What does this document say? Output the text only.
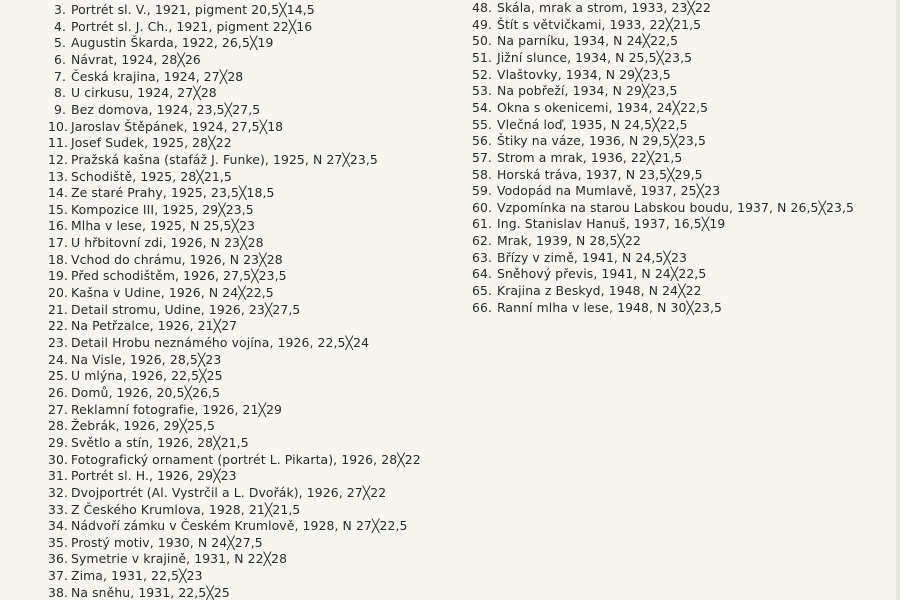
3. Portrét sl. V., 1921, pigment 20,5╳14,5
4. Portrét sl. J. Ch., 1921, pigment 22╳16
5. Augustin Škarda, 1922, 26,5╳19
6. Návrat, 1924, 28╳26
7. Česká krajina, 1924, 27╳28
8. U cirkusu, 1924, 27╳28
9. Bez domova, 1924, 23,5╳27,5
10. Jaroslav Štěpánek, 1924, 27,5╳18
11. Josef Sudek, 1925, 28╳22
12. Pražská kašna (stafáž J. Funke), 1925, N 27╳23,5
13. Schodiště, 1925, 28╳21,5
14. Ze staré Prahy, 1925, 23,5╳18,5
15. Kompozice III, 1925, 29╳23,5
16. Mlha v lese, 1925, N 25,5╳23
17. U hřbitovní zdi, 1926, N 23╳28
18. Vchod do chrámu, 1926, N 23╳28
19. Před schodištěm, 1926, 27,5╳23,5
20. Kašna v Udine, 1926, N 24╳22,5
21. Detail stromu, Udine, 1926, 23╳27,5
22. Na Petřzalce, 1926, 21╳27
23. Detail Hrobu neznámého vojína, 1926, 22,5╳24
24. Na Visle, 1926, 28,5╳23
25. U mlýna, 1926, 22,5╳25
26. Domů, 1926, 20,5╳26,5
27. Reklamní fotografie, 1926, 21╳29
28. Žebrák, 1926, 29╳25,5
29. Světlo a stín, 1926, 28╳21,5
30. Fotografický ornament (portrét L. Pikarta), 1926, 28╳22
31. Portrét sl. H., 1926, 29╳23
32. Dvojportrét (Al. Vystrčil a L. Dvořák), 1926, 27╳22
33. Z Českého Krumlova, 1928, 21╳21,5
34. Nádvoří zámku v Českém Krumlově, 1928, N 27╳22,5
35. Prostý motiv, 1930, N 24╳27,5
36. Symetrie v krajině, 1931, N 22╳28
37. Zima, 1931, 22,5╳23
38. Na sněhu, 1931, 22,5╳25
48. Skála, mrak a strom, 1933, 23╳22
49. Štít s větvičkami, 1933, 22╳21,5
50. Na parníku, 1934, N 24╳22,5
51. Jižní slunce, 1934, N 25,5╳23,5
52. Vlaštovky, 1934, N 29╳23,5
53. Na pobřeží, 1934, N 29╳23,5
54. Okna s okenicemi, 1934, 24╳22,5
55. Vlečná loď, 1935, N 24,5╳22,5
56. Štiky na váze, 1936, N 29,5╳23,5
57. Strom a mrak, 1936, 22╳21,5
58. Horská tráva, 1937, N 23,5╳29,5
59. Vodopád na Mumlavě, 1937, 25╳23
60. Vzpomínka na starou Labskou boudu, 1937, N 26,5╳23,5
61. Ing. Stanislav Hanuš, 1937, 16,5╳19
62. Mrak, 1939, N 28,5╳22
63. Břízy v zimě, 1941, N 24,5╳23
64. Sněhový převis, 1941, N 24╳22,5
65. Krajina z Beskyd, 1948, N 24╳22
66. Ranní mlha v lese, 1948, N 30╳23,5
